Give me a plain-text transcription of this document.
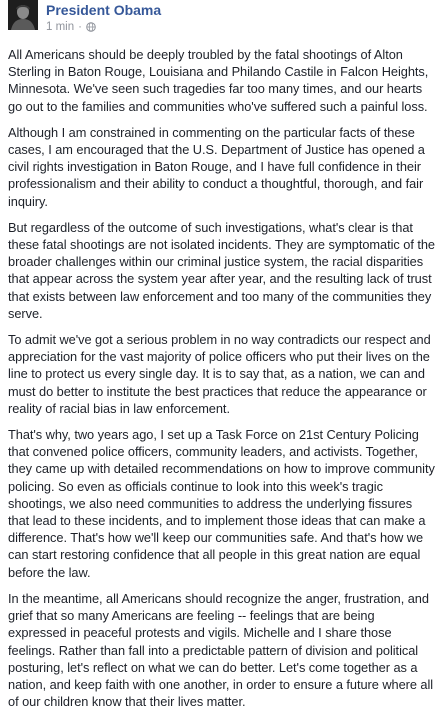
President Obama
1 min ·

All Americans should be deeply troubled by the fatal shootings of Alton Sterling in Baton Rouge, Louisiana and Philando Castile in Falcon Heights, Minnesota. We've seen such tragedies far too many times, and our hearts go out to the families and communities who've suffered such a painful loss.

Although I am constrained in commenting on the particular facts of these cases, I am encouraged that the U.S. Department of Justice has opened a civil rights investigation in Baton Rouge, and I have full confidence in their professionalism and their ability to conduct a thoughtful, thorough, and fair inquiry.

But regardless of the outcome of such investigations, what's clear is that these fatal shootings are not isolated incidents. They are symptomatic of the broader challenges within our criminal justice system, the racial disparities that appear across the system year after year, and the resulting lack of trust that exists between law enforcement and too many of the communities they serve.

To admit we've got a serious problem in no way contradicts our respect and appreciation for the vast majority of police officers who put their lives on the line to protect us every single day. It is to say that, as a nation, we can and must do better to institute the best practices that reduce the appearance or reality of racial bias in law enforcement.

That's why, two years ago, I set up a Task Force on 21st Century Policing that convened police officers, community leaders, and activists. Together, they came up with detailed recommendations on how to improve community policing. So even as officials continue to look into this week's tragic shootings, we also need communities to address the underlying fissures that lead to these incidents, and to implement those ideas that can make a difference. That's how we'll keep our communities safe. And that's how we can start restoring confidence that all people in this great nation are equal before the law.

In the meantime, all Americans should recognize the anger, frustration, and grief that so many Americans are feeling -- feelings that are being expressed in peaceful protests and vigils. Michelle and I share those feelings. Rather than fall into a predictable pattern of division and political posturing, let's reflect on what we can do better. Let's come together as a nation, and keep faith with one another, in order to ensure a future where all of our children know that their lives matter.
